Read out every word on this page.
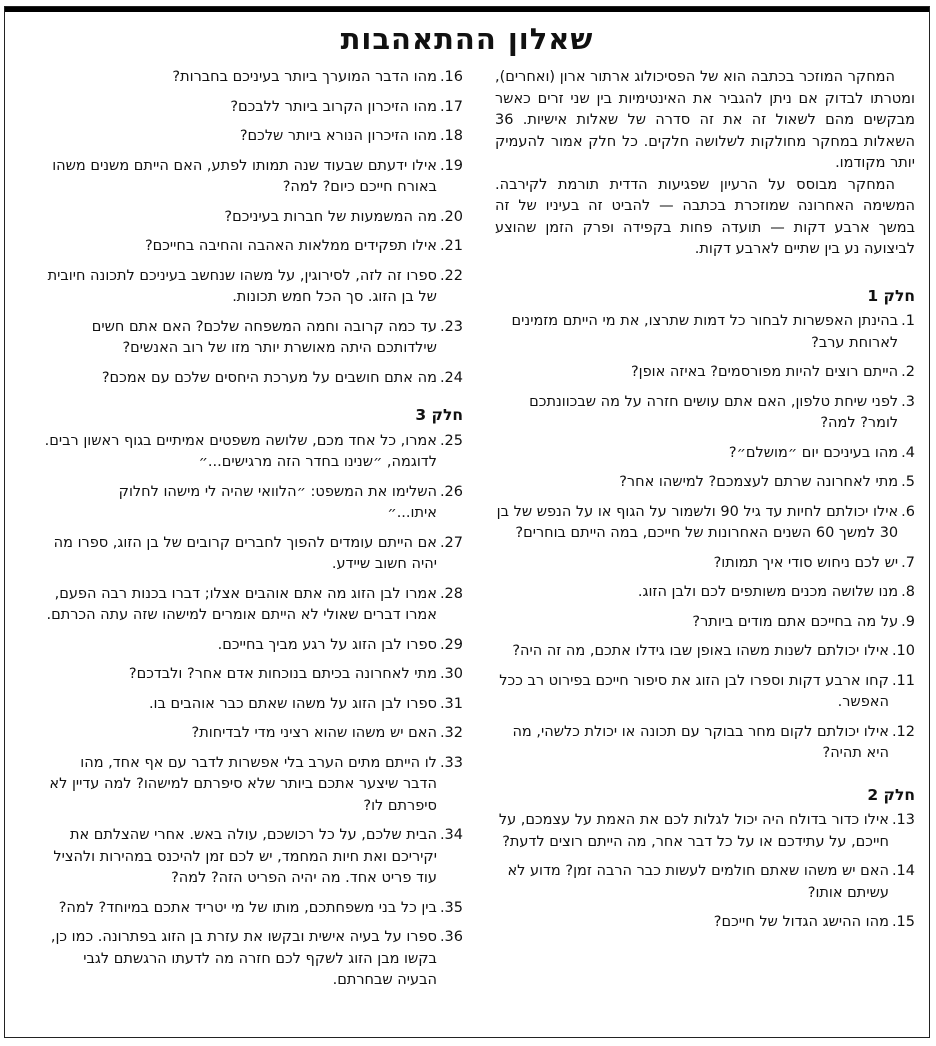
שאלון ההתאהבות

המחקר המוזכר בכתבה הוא של הפסיכולוג ארתור ארון (ואחרים), ומטרתו לבדוק אם ניתן להגביר את האינטימיות בין שני זרים כאשר מבקשים מהם לשאול זה את זה סדרה של שאלות אישיות. 36 השאלות במחקר מחולקות לשלושה חלקים. כל חלק אמור להעמיק יותר מקודמו.

המחקר מבוסס על הרעיון שפגיעות הדדית תורמת לקירבה. המשימה האחרונה שמוזכרת בכתבה — להביט זה בעיניו של זה במשך ארבע דקות — תועדה פחות בקפידה ופרק הזמן שהוצע לביצועה נע בין שתיים לארבע דקות.

חלק 1
1.
בהינתן האפשרות לבחור כל דמות שתרצו, את מי הייתם מזמינים לארוחת ערב?
2.
הייתם רוצים להיות מפורסמים? באיזה אופן?
3.
לפני שיחת טלפון, האם אתם עושים חזרה על מה שבכוונתכם לומר? למה?
4.
מהו בעיניכם יום ״מושלם״?
5.
מתי לאחרונה שרתם לעצמכם? למישהו אחר?
6.
אילו יכולתם לחיות עד גיל 90 ולשמור על הגוף או על הנפש של בן 30 למשך 60 השנים האחרונות של חייכם, במה הייתם בוחרים?
7.
יש לכם ניחוש סודי איך תמותו?
8.
מנו שלושה מכנים משותפים לכם ולבן הזוג.
9.
על מה בחייכם אתם מודים ביותר?
10.
אילו יכולתם לשנות משהו באופן שבו גידלו אתכם, מה זה היה?
11.
קחו ארבע דקות וספרו לבן הזוג את סיפור חייכם בפירוט רב ככל האפשר.
12.
אילו יכולתם לקום מחר בבוקר עם תכונה או יכולת כלשהי, מה היא תהיה?
חלק 2
13.
אילו כדור בדולח היה יכול לגלות לכם את האמת על עצמכם, על חייכם, על עתידכם או על כל דבר אחר, מה הייתם רוצים לדעת?
14.
האם יש משהו שאתם חולמים לעשות כבר הרבה זמן? מדוע לא עשיתם אותו?
15.
מהו ההישג הגדול של חייכם?
16.
מהו הדבר המוערך ביותר בעיניכם בחברות?
17.
מהו הזיכרון הקרוב ביותר ללבכם?
18.
מהו הזיכרון הנורא ביותר שלכם?
19.
אילו ידעתם שבעוד שנה תמותו לפתע, האם הייתם משנים משהו באורח חייכם כיום? למה?
20.
מה המשמעות של חברות בעיניכם?
21.
אילו תפקידים ממלאות האהבה והחיבה בחייכם?
22.
ספרו זה לזה, לסירוגין, על משהו שנחשב בעיניכם לתכונה חיובית של בן הזוג. סך הכל חמש תכונות.
23.
עד כמה קרובה וחמה המשפחה שלכם? האם אתם חשים שילדותכם היתה מאושרת יותר מזו של רוב האנשים?
24.
מה אתם חושבים על מערכת היחסים שלכם עם אמכם?
חלק 3
25.
אמרו, כל אחד מכם, שלושה משפטים אמיתיים בגוף ראשון רבים. לדוגמה, ״שנינו בחדר הזה מרגישים...״
26.
השלימו את המשפט: ״הלוואי שהיה לי מישהו לחלוק איתו...״
27.
אם הייתם עומדים להפוך לחברים קרובים של בן הזוג, ספרו מה יהיה חשוב שיידע.
28.
אמרו לבן הזוג מה אתם אוהבים אצלו; דברו בכנות רבה הפעם, אמרו דברים שאולי לא הייתם אומרים למישהו שזה עתה הכרתם.
29.
ספרו לבן הזוג על רגע מביך בחייכם.
30.
מתי לאחרונה בכיתם בנוכחות אדם אחר? ולבדכם?
31.
ספרו לבן הזוג על משהו שאתם כבר אוהבים בו.
32.
האם יש משהו שהוא רציני מדי לבדיחות?
33.
לו הייתם מתים הערב בלי אפשרות לדבר עם אף אחד, מהו הדבר שיצער אתכם ביותר שלא סיפרתם למישהו? למה עדיין לא סיפרתם לו?
34.
הבית שלכם, על כל רכושכם, עולה באש. אחרי שהצלתם את יקיריכם ואת חיות המחמד, יש לכם זמן להיכנס במהירות ולהציל עוד פריט אחד. מה יהיה הפריט הזה? למה?
35.
בין כל בני משפחתכם, מותו של מי יטריד אתכם במיוחד? למה?
36.
ספרו על בעיה אישית ובקשו את עזרת בן הזוג בפתרונה. כמו כן, בקשו מבן הזוג לשקף לכם חזרה מה לדעתו הרגשתם לגבי הבעיה שבחרתם.
